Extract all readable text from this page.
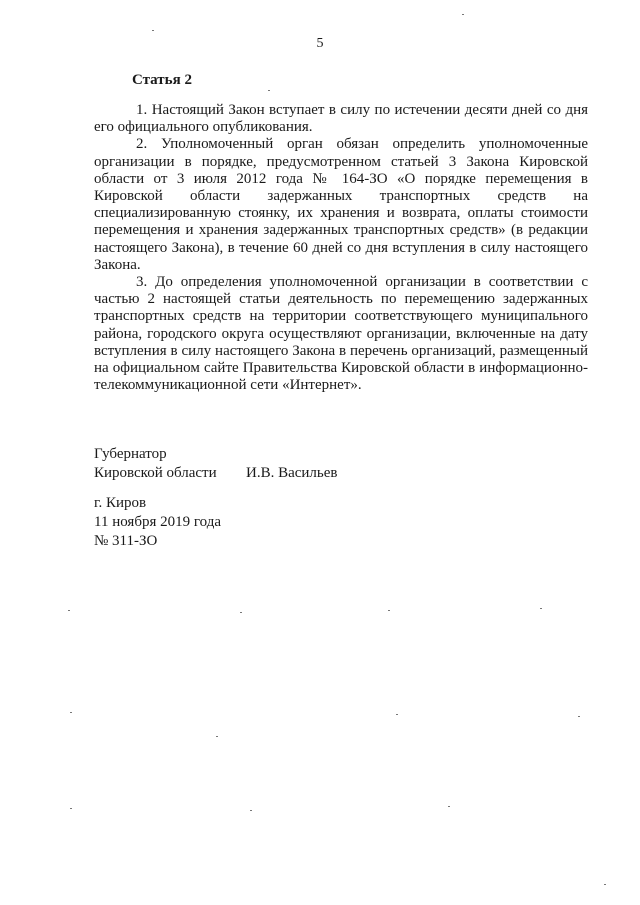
5
Статья 2

1. Настоящий Закон вступает в силу по истечении десяти дней со дня его официального опубликования.

2. Уполномоченный орган обязан определить уполномоченные организации в порядке, предусмотренном статьей 3 Закона Кировской области от 3 июля 2012 года № 164-ЗО «О порядке перемещения в Кировской области задержанных транспортных средств на специализированную стоянку, их хранения и возврата, оплаты стоимости перемещения и хранения задержанных транспортных средств» (в редакции настоящего Закона), в течение 60 дней со дня вступления в силу настоящего Закона.

3. До определения уполномоченной организации в соответствии с частью 2 настоящей статьи деятельность по перемещению задержанных транспортных средств на территории соответствующего муниципального района, городского округа осуществляют организации, включенные на дату вступления в силу настоящего Закона в перечень организаций, размещенный на официальном сайте Правительства Кировской области в информационно-телекоммуникационной сети «Интернет».

Губернатор
Кировской области	И.В. Васильев
г. Киров
11 ноября 2019 года
№ 311-ЗО
